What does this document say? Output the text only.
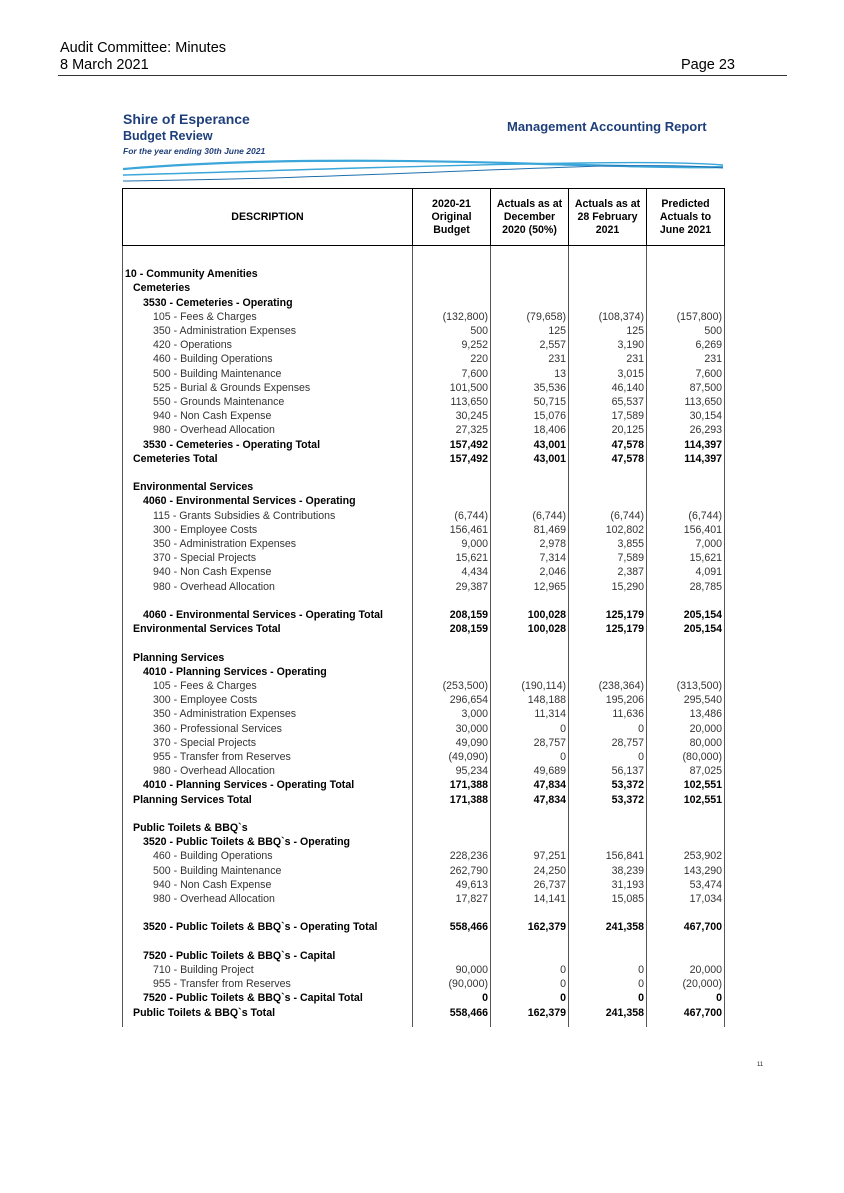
Audit Committee: Minutes
8 March 2021	Page 23
Shire of Esperance
Budget Review
For the year ending 30th June 2021
Management Accounting Report
DESCRIPTION	2020-21 Original Budget	Actuals as at December 2020 (50%)	Actuals as at 28 February 2021	Predicted Actuals to June 2021

10 - Community Amenities				
Cemeteries				
3530 - Cemeteries - Operating				
105 - Fees & Charges	(132,800)	(79,658)	(108,374)	(157,800)
350 - Administration Expenses	500	125	125	500
420 - Operations	9,252	2,557	3,190	6,269
460 - Building Operations	220	231	231	231
500 - Building Maintenance	7,600	13	3,015	7,600
525 - Burial & Grounds Expenses	101,500	35,536	46,140	87,500
550 - Grounds Maintenance	113,650	50,715	65,537	113,650
940 - Non Cash Expense	30,245	15,076	17,589	30,154
980 - Overhead Allocation	27,325	18,406	20,125	26,293
3530 - Cemeteries - Operating Total	157,492	43,001	47,578	114,397
Cemeteries Total	157,492	43,001	47,578	114,397

Environmental Services				
4060 - Environmental Services - Operating				
115 - Grants Subsidies & Contributions	(6,744)	(6,744)	(6,744)	(6,744)
300 - Employee Costs	156,461	81,469	102,802	156,401
350 - Administration Expenses	9,000	2,978	3,855	7,000
370 - Special Projects	15,621	7,314	7,589	15,621
940 - Non Cash Expense	4,434	2,046	2,387	4,091
980 - Overhead Allocation	29,387	12,965	15,290	28,785

4060 - Environmental Services - Operating Total	208,159	100,028	125,179	205,154
Environmental Services Total	208,159	100,028	125,179	205,154

Planning Services				
4010 - Planning Services - Operating				
105 - Fees & Charges	(253,500)	(190,114)	(238,364)	(313,500)
300 - Employee Costs	296,654	148,188	195,206	295,540
350 - Administration Expenses	3,000	11,314	11,636	13,486
360 - Professional Services	30,000	0	0	20,000
370 - Special Projects	49,090	28,757	28,757	80,000
955 - Transfer from Reserves	(49,090)	0	0	(80,000)
980 - Overhead Allocation	95,234	49,689	56,137	87,025
4010 - Planning Services - Operating Total	171,388	47,834	53,372	102,551
Planning Services Total	171,388	47,834	53,372	102,551

Public Toilets & BBQ`s				
3520 - Public Toilets & BBQ`s - Operating				
460 - Building Operations	228,236	97,251	156,841	253,902
500 - Building Maintenance	262,790	24,250	38,239	143,290
940 - Non Cash Expense	49,613	26,737	31,193	53,474
980 - Overhead Allocation	17,827	14,141	15,085	17,034

3520 - Public Toilets & BBQ`s - Operating Total	558,466	162,379	241,358	467,700

7520 - Public Toilets & BBQ`s - Capital				
710 - Building Project	90,000	0	0	20,000
955 - Transfer from Reserves	(90,000)	0	0	(20,000)
7520 - Public Toilets & BBQ`s - Capital Total	0	0	0	0
Public Toilets & BBQ`s Total	558,466	162,379	241,358	467,700

11
